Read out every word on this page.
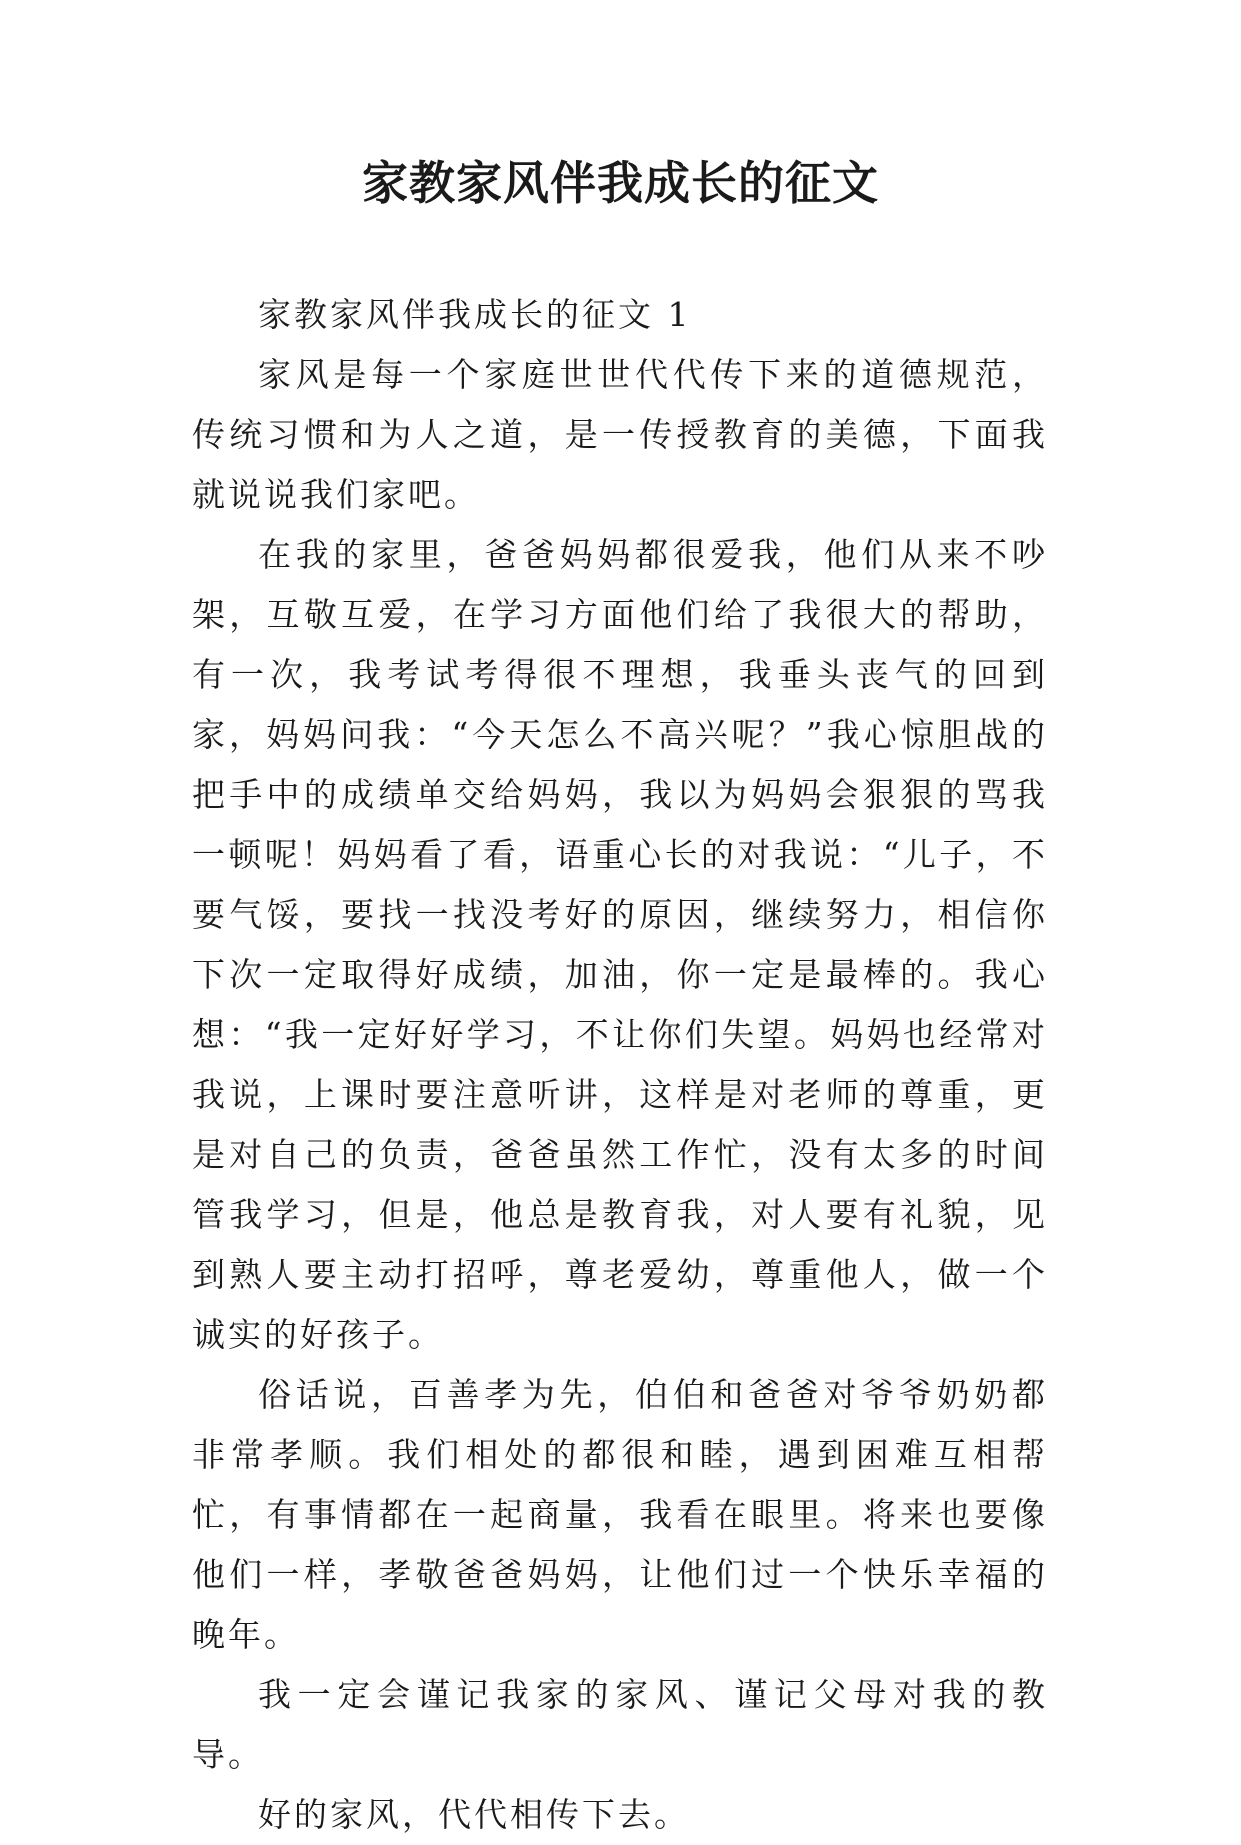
家教家风伴我成长的征文

家教家风伴我成长的征文 1

家风是每一个家庭世世代代传下来的道德规范，传统习惯和为人之道，是一传授教育的美德，下面我就说说我们家吧。

在我的家里，爸爸妈妈都很爱我，他们从来不吵架，互敬互爱，在学习方面他们给了我很大的帮助，有一次，我考试考得很不理想，我垂头丧气的回到家，妈妈问我：“今天怎么不高兴呢？”我心惊胆战的把手中的成绩单交给妈妈，我以为妈妈会狠狠的骂我一顿呢！妈妈看了看，语重心长的对我说：“儿子，不要气馁，要找一找没考好的原因，继续努力，相信你下次一定取得好成绩，加油，你一定是最棒的。我心想：“我一定好好学习，不让你们失望。妈妈也经常对我说，上课时要注意听讲，这样是对老师的尊重，更是对自己的负责，爸爸虽然工作忙，没有太多的时间管我学习，但是，他总是教育我，对人要有礼貌，见到熟人要主动打招呼，尊老爱幼，尊重他人，做一个诚实的好孩子。

俗话说，百善孝为先，伯伯和爸爸对爷爷奶奶都非常孝顺。我们相处的都很和睦，遇到困难互相帮忙，有事情都在一起商量，我看在眼里。将来也要像他们一样，孝敬爸爸妈妈，让他们过一个快乐幸福的晚年。

我一定会谨记我家的家风、谨记父母对我的教导。

好的家风，代代相传下去。
